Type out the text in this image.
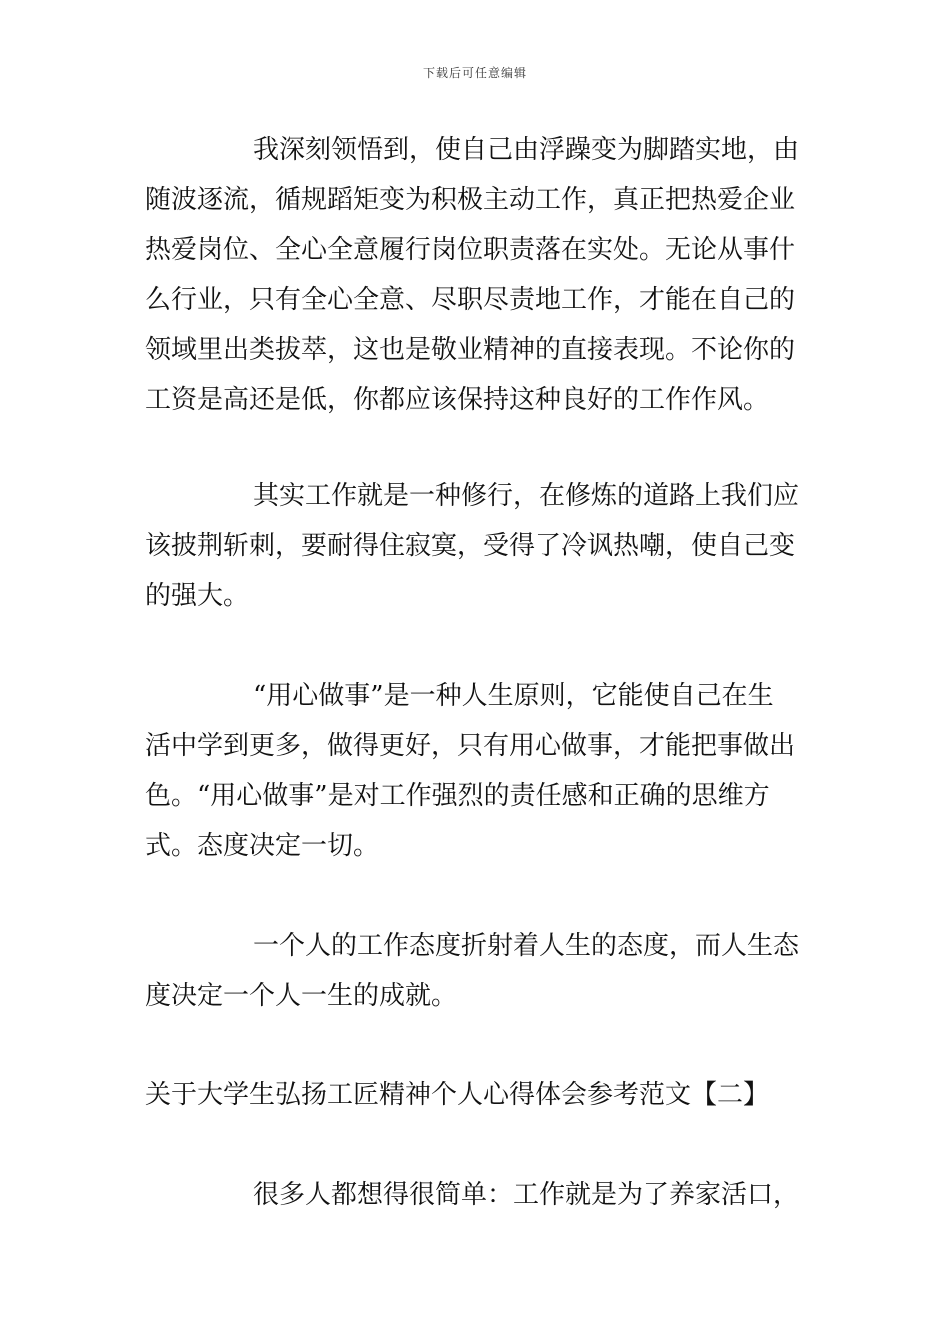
下载后可任意编辑
我深刻领悟到，使自己由浮躁变为脚踏实地，由
随波逐流，循规蹈矩变为积极主动工作，真正把热爱企业
热爱岗位、全心全意履行岗位职责落在实处。无论从事什
么行业，只有全心全意、尽职尽责地工作，才能在自己的
领域里出类拔萃，这也是敬业精神的直接表现。不论你的
工资是高还是低，你都应该保持这种良好的工作作风。
其实工作就是一种修行，在修炼的道路上我们应
该披荆斩刺，要耐得住寂寞，受得了冷讽热嘲，使自己变
的强大。
“用心做事”是一种人生原则，它能使自己在生
活中学到更多，做得更好，只有用心做事，才能把事做出
色。“用心做事”是对工作强烈的责任感和正确的思维方
式。态度决定一切。
一个人的工作态度折射着人生的态度，而人生态
度决定一个人一生的成就。
关于大学生弘扬工匠精神个人心得体会参考范文【二】
很多人都想得很简单：工作就是为了养家活口，
